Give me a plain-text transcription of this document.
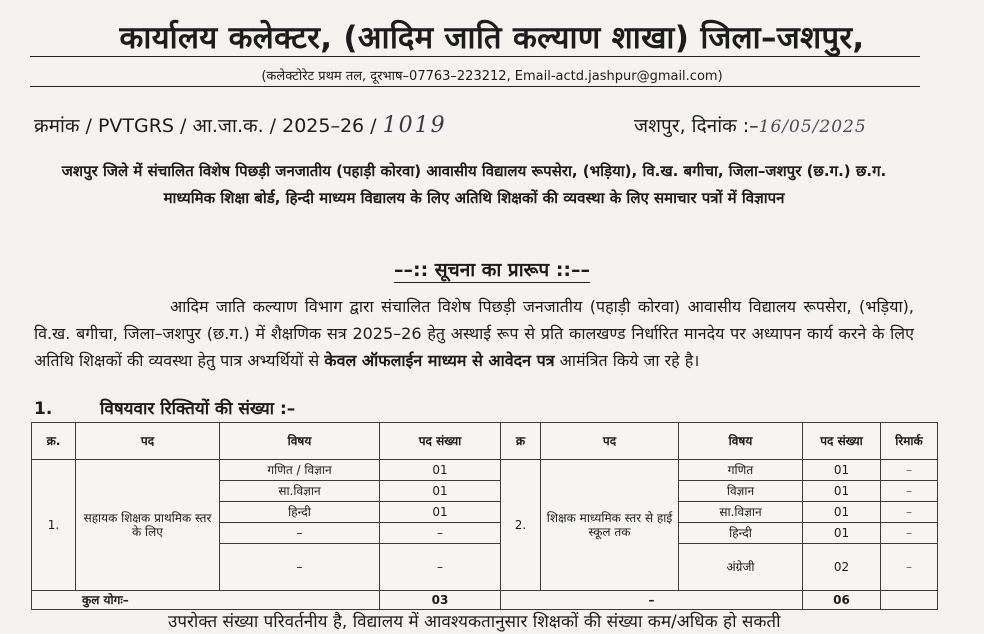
कार्यालय कलेक्टर, (आदिम जाति कल्याण शाखा) जिला–जशपुर,
(कलेक्टोरेट प्रथम तल, दूरभाष–07763–223212, Email-actd.jashpur@gmail.com)
क्रमांक / PVTGRS / आ.जा.क. / 2025–26 / 1019	जशपुर, दिनांक :–16/05/2025
जशपुर जिले में संचालित विशेष पिछड़ी जनजातीय (पहाड़ी कोरवा) आवासीय विद्यालय रूपसेरा, (भड़िया), वि.ख. बगीचा, जिला–जशपुर (छ.ग.) छ.ग. माध्यमिक शिक्षा बोर्ड, हिन्दी माध्यम विद्यालय के लिए अतिथि शिक्षकों की व्यवस्था के लिए समाचार पत्रों में विज्ञापन
––:: सूचना का प्रारूप ::––
आदिम जाति कल्याण विभाग द्वारा संचालित विशेष पिछड़ी जनजातीय (पहाड़ी कोरवा) आवासीय विद्यालय रूपसेरा, (भड़िया), वि.ख. बगीचा, जिला–जशपुर (छ.ग.) में शैक्षणिक सत्र 2025–26 हेतु अस्थाई रूप से प्रति कालखण्ड निर्धारित मानदेय पर अध्यापन कार्य करने के लिए अतिथि शिक्षकों की व्यवस्था हेतु पात्र अभ्यर्थियों से केवल ऑफलाईन माध्यम से आवेदन पत्र आमंत्रित किये जा रहे है।
1.	विषयवार रिक्तियों की संख्या :–
क्र.	पद	विषय	पद संख्या	क्र	पद	विषय	पद संख्या	रिमार्क
1.	सहायक शिक्षक प्राथमिक स्तर के लिए	गणित / विज्ञान	01	2.	शिक्षक माध्यमिक स्तर से हाई स्कूल तक	गणित	01	–
		सा.विज्ञान	01			विज्ञान	01	–
		हिन्दी	01			सा.विज्ञान	01	–
		–	–			हिन्दी	01	–
		–	–			अंग्रेजी	02	–
कुल योगः–			03	–			06	
उपरोक्त संख्या परिवर्तनीय है, विद्यालय में आवश्यकतानुसार शिक्षकों की संख्या कम/अधिक हो सकती
